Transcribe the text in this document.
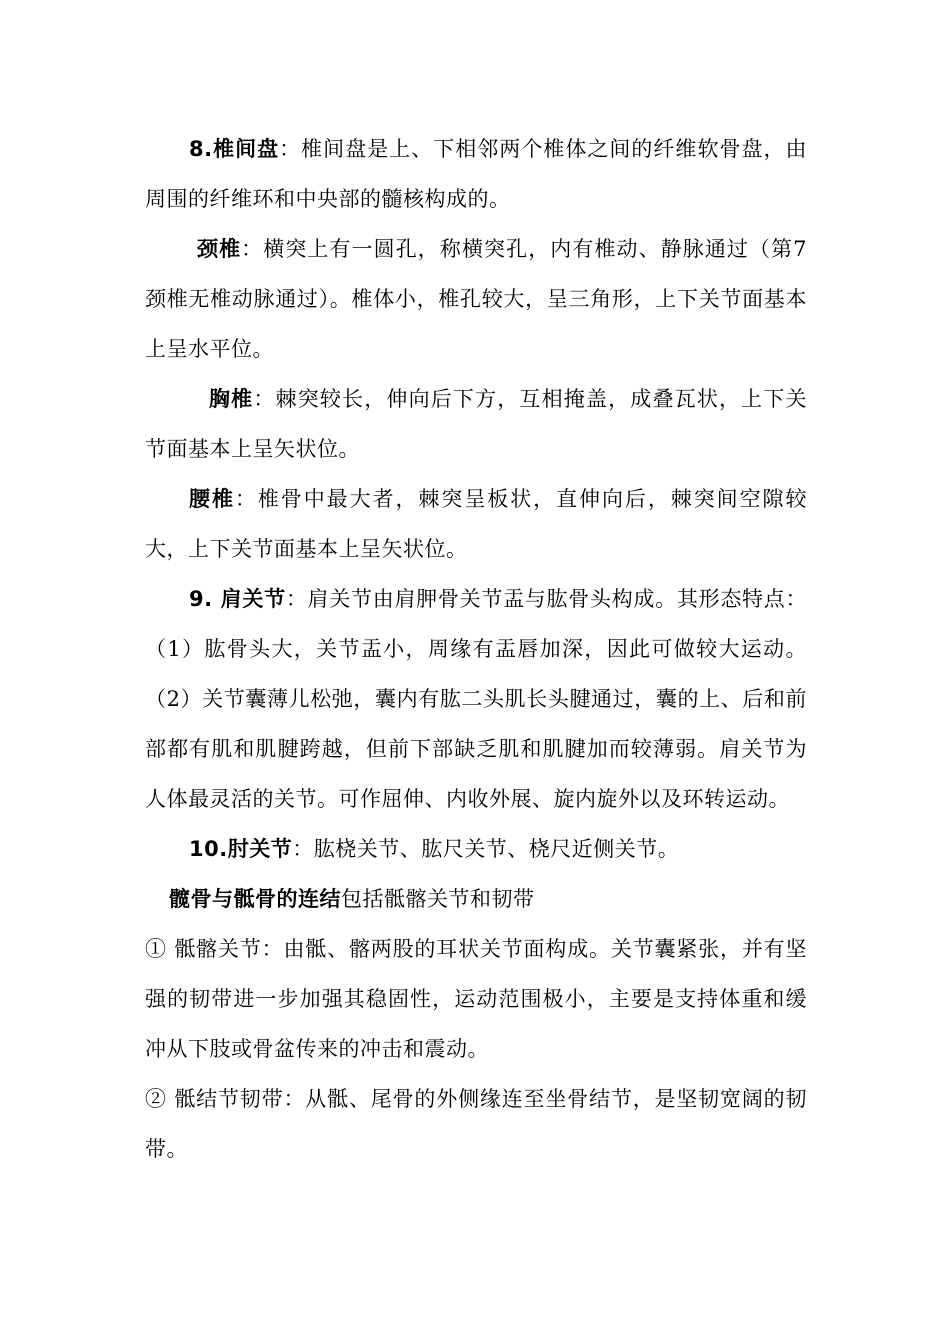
8.椎间盘：椎间盘是上、下相邻两个椎体之间的纤维软骨盘，由周围的纤维环和中央部的髓核构成的。

颈椎：横突上有一圆孔，称横突孔，内有椎动、静脉通过（第7颈椎无椎动脉通过）。椎体小，椎孔较大，呈三角形，上下关节面基本上呈水平位。

胸椎：棘突较长，伸向后下方，互相掩盖，成叠瓦状，上下关节面基本上呈矢状位。

腰椎：椎骨中最大者，棘突呈板状，直伸向后，棘突间空隙较大，上下关节面基本上呈矢状位。

9. 肩关节：肩关节由肩胛骨关节盂与肱骨头构成。其形态特点：（1）肱骨头大，关节盂小，周缘有盂唇加深，因此可做较大运动。（2）关节囊薄儿松弛，囊内有肱二头肌长头腱通过，囊的上、后和前部都有肌和肌腱跨越，但前下部缺乏肌和肌腱加而较薄弱。肩关节为人体最灵活的关节。可作屈伸、内收外展、旋内旋外以及环转运动。

10.肘关节：肱桡关节、肱尺关节、桡尺近侧关节。

髋骨与骶骨的连结包括骶髂关节和韧带

① 骶髂关节：由骶、髂两股的耳状关节面构成。关节囊紧张，并有坚强的韧带进一步加强其稳固性，运动范围极小，主要是支持体重和缓冲从下肢或骨盆传来的冲击和震动。

② 骶结节韧带：从骶、尾骨的外侧缘连至坐骨结节，是坚韧宽阔的韧带。
